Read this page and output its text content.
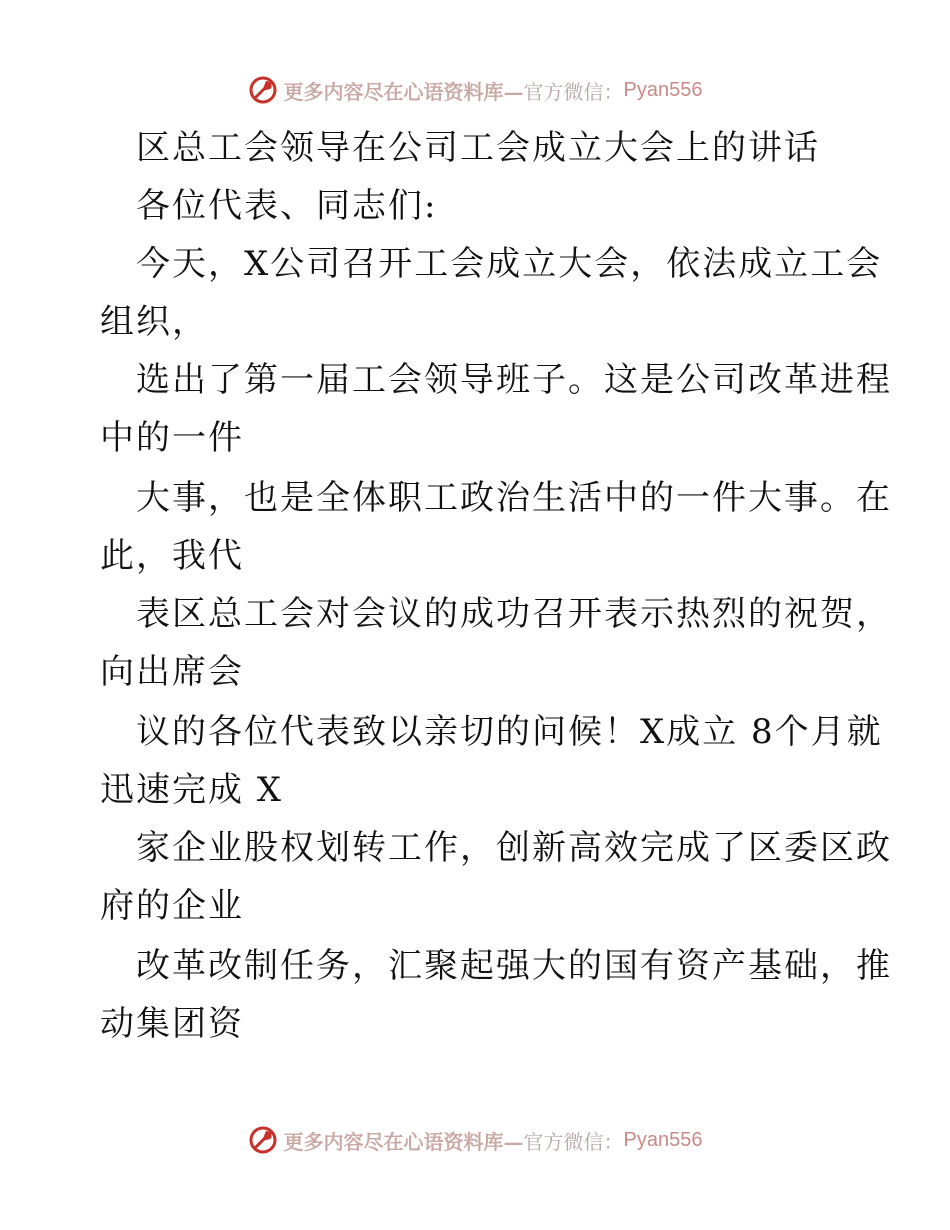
更多内容尽在心语资料库— 官方微信： Pyan556
区总工会领导在公司工会成立大会上的讲话
各位代表、同志们:
今天，X公司召开工会成立大会，依法成立工会
组织，
选出了第一届工会领导班子。这是公司改革进程
中的一件
大事，也是全体职工政治生活中的一件大事。在
此，我代
表区总工会对会议的成功召开表示热烈的祝贺，
向出席会
议的各位代表致以亲切的问候！X成立 8个月就
迅速完成 X
家企业股权划转工作，创新高效完成了区委区政
府的企业
改革改制任务，汇聚起强大的国有资产基础，推
动集团资
更多内容尽在心语资料库— 官方微信： Pyan556
